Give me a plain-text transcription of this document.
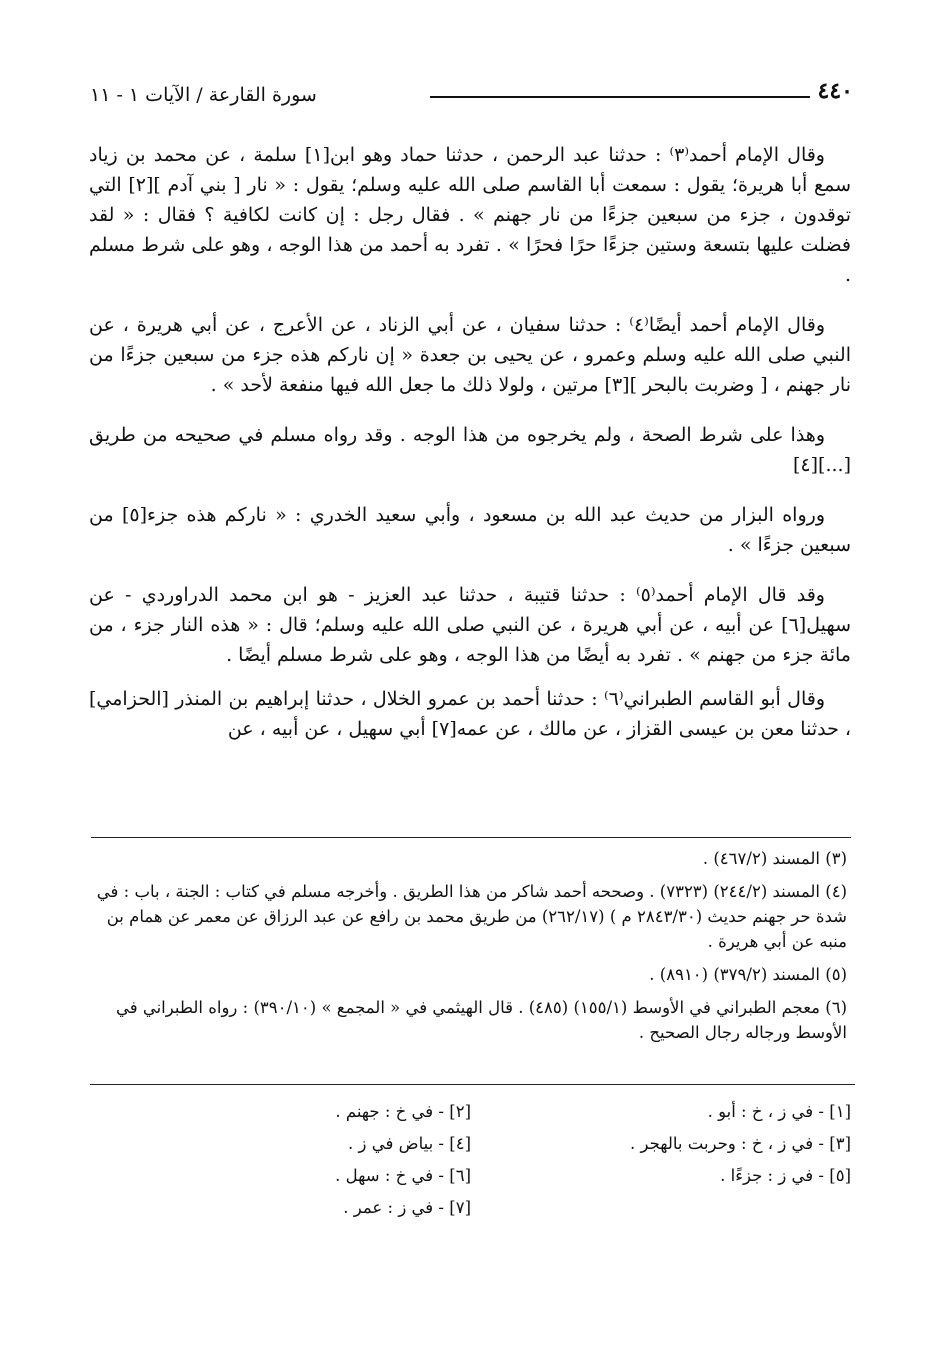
٤٤٠
سورة القارعة / الآيات ١ - ١١

وقال الإمام أحمد⁽٣⁾ : حدثنا عبد الرحمن ، حدثنا حماد وهو ابن[١] سلمة ، عن محمد بن زياد سمع أبا هريرة؛ يقول : سمعت أبا القاسم صلى الله عليه وسلم؛ يقول : « نار [ بني آدم ][٢] التي توقدون ، جزء من سبعين جزءًا من نار جهنم » . فقال رجل : إن كانت لكافية ؟ فقال : « لقد فضلت عليها بتسعة وستين جزءًا حرًا فحرًا » . تفرد به أحمد من هذا الوجه ، وهو على شرط مسلم .

وقال الإمام أحمد أيضًا⁽٤⁾ : حدثنا سفيان ، عن أبي الزناد ، عن الأعرج ، عن أبي هريرة ، عن النبي صلى الله عليه وسلم وعمرو ، عن يحيى بن جعدة « إن ناركم هذه جزء من سبعين جزءًا من نار جهنم ، [ وضربت بالبحر ][٣] مرتين ، ولولا ذلك ما جعل الله فيها منفعة لأحد » .

وهذا على شرط الصحة ، ولم يخرجوه من هذا الوجه . وقد رواه مسلم في صحيحه من طريق [...][٤]

ورواه البزار من حديث عبد الله بن مسعود ، وأبي سعيد الخدري : « ناركم هذه جزء[٥] من سبعين جزءًا » .

وقد قال الإمام أحمد⁽٥⁾ : حدثنا قتيبة ، حدثنا عبد العزيز - هو ابن محمد الدراوردي - عن سهيل[٦] عن أبيه ، عن أبي هريرة ، عن النبي صلى الله عليه وسلم؛ قال : « هذه النار جزء ، من مائة جزء من جهنم » . تفرد به أيضًا من هذا الوجه ، وهو على شرط مسلم أيضًا .

وقال أبو القاسم الطبراني⁽٦⁾ : حدثنا أحمد بن عمرو الخلال ، حدثنا إبراهيم بن المنذر [الحزامي] ، حدثنا معن بن عيسى القزاز ، عن مالك ، عن عمه[٧] أبي سهيل ، عن أبيه ، عن

(٣) المسند (٤٦٧/٢) .

(٤) المسند (٢٤٤/٢) (٧٣٢٣) . وصححه أحمد شاكر من هذا الطريق . وأخرجه مسلم في كتاب : الجنة ، باب : في شدة حر جهنم حديث (٢٨٤٣/٣٠ م ) (٢٦٢/١٧) من طريق محمد بن رافع عن عبد الرزاق عن معمر عن همام بن منبه عن أبي هريرة .

(٥) المسند (٣٧٩/٢) (٨٩١٠) .

(٦) معجم الطبراني في الأوسط (١٥٥/١) (٤٨٥) . قال الهيثمي في « المجمع » (٣٩٠/١٠) : رواه الطبراني في الأوسط ورجاله رجال الصحيح .

[١] - في ز ، خ : أبو .
[٢] - في خ : جهنم .
[٣] - في ز ، خ : وحربت بالهجر .
[٤] - بياض في ز .
[٥] - في ز : جزءًا .
[٦] - في خ : سهل .
[٧] - في ز : عمر .
